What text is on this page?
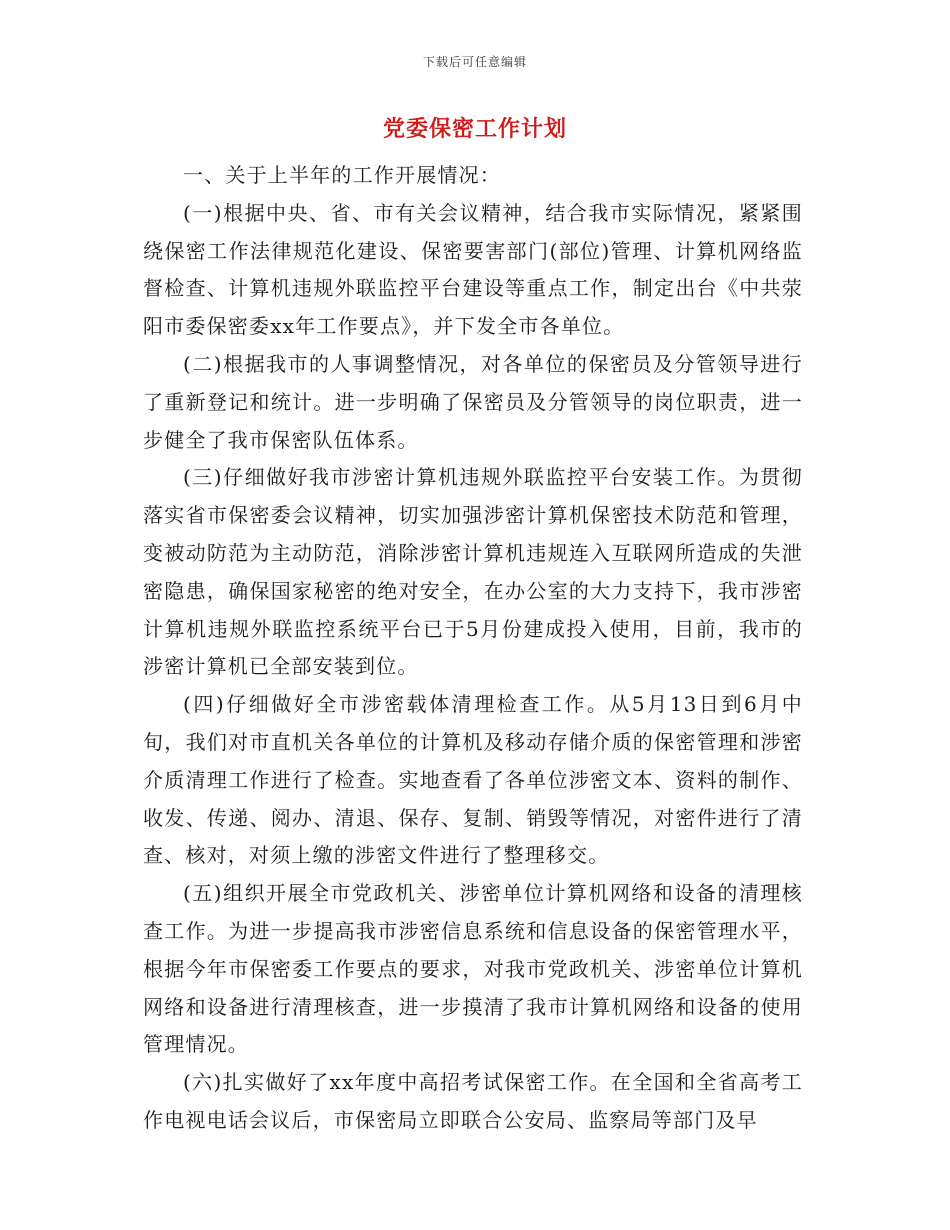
下载后可任意编辑
党委保密工作计划

一、关于上半年的工作开展情况：

(一)根据中央、省、市有关会议精神，结合我市实际情况，紧紧围绕保密工作法律规范化建设、保密要害部门(部位)管理、计算机网络监督检查、计算机违规外联监控平台建设等重点工作，制定出台《中共荥阳市委保密委xx年工作要点》，并下发全市各单位。

(二)根据我市的人事调整情况，对各单位的保密员及分管领导进行了重新登记和统计。进一步明确了保密员及分管领导的岗位职责，进一步健全了我市保密队伍体系。

(三)仔细做好我市涉密计算机违规外联监控平台安装工作。为贯彻落实省市保密委会议精神，切实加强涉密计算机保密技术防范和管理，变被动防范为主动防范，消除涉密计算机违规连入互联网所造成的失泄密隐患，确保国家秘密的绝对安全，在办公室的大力支持下，我市涉密计算机违规外联监控系统平台已于5月份建成投入使用，目前，我市的涉密计算机已全部安装到位。

(四)仔细做好全市涉密载体清理检查工作。从5月13日到6月中旬，我们对市直机关各单位的计算机及移动存储介质的保密管理和涉密介质清理工作进行了检查。实地查看了各单位涉密文本、资料的制作、收发、传递、阅办、清退、保存、复制、销毁等情况，对密件进行了清查、核对，对须上缴的涉密文件进行了整理移交。

(五)组织开展全市党政机关、涉密单位计算机网络和设备的清理核查工作。为进一步提高我市涉密信息系统和信息设备的保密管理水平，根据今年市保密委工作要点的要求，对我市党政机关、涉密单位计算机网络和设备进行清理核查，进一步摸清了我市计算机网络和设备的使用管理情况。

(六)扎实做好了xx年度中高招考试保密工作。在全国和全省高考工作电视电话会议后，市保密局立即联合公安局、监察局等部门及早
